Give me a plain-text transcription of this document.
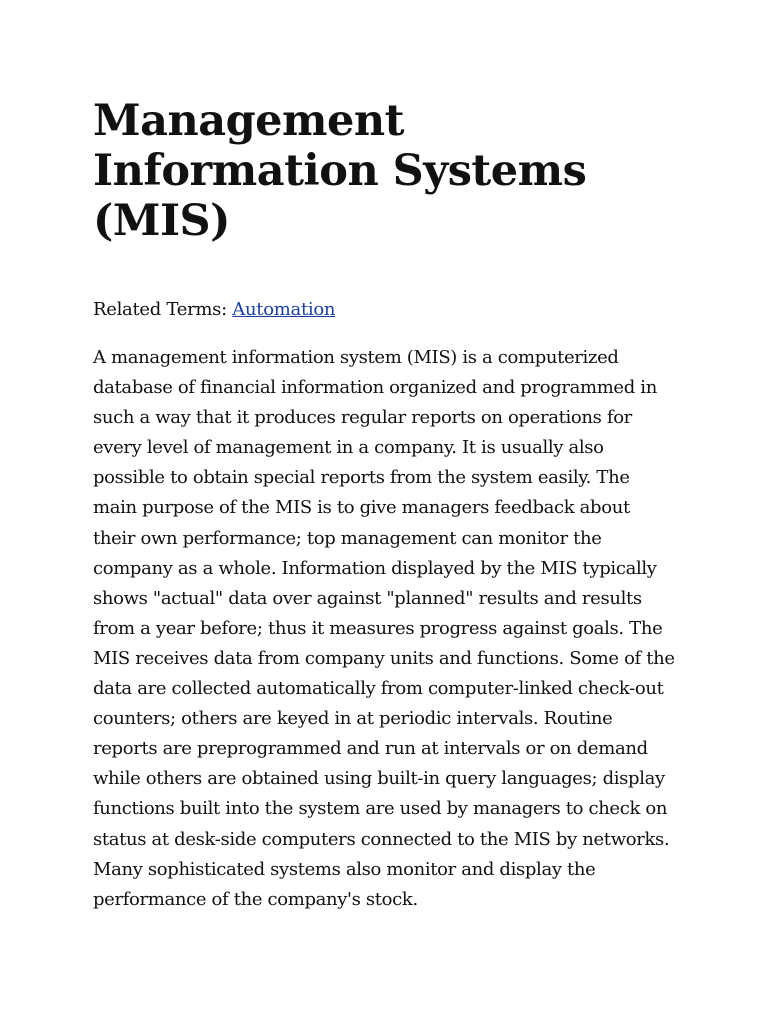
Management Information Systems (MIS)

Related Terms: Automation

A management information system (MIS) is a computerized database of financial information organized and programmed in such a way that it produces regular reports on operations for every level of management in a company. It is usually also possible to obtain special reports from the system easily. The main purpose of the MIS is to give managers feedback about their own performance; top management can monitor the company as a whole. Information displayed by the MIS typically shows "actual" data over against "planned" results and results from a year before; thus it measures progress against goals. The MIS receives data from company units and functions. Some of the data are collected automatically from computer-linked check-out counters; others are keyed in at periodic intervals. Routine reports are preprogrammed and run at intervals or on demand while others are obtained using built-in query languages; display functions built into the system are used by managers to check on status at desk-side computers connected to the MIS by networks. Many sophisticated systems also monitor and display the performance of the company's stock.
